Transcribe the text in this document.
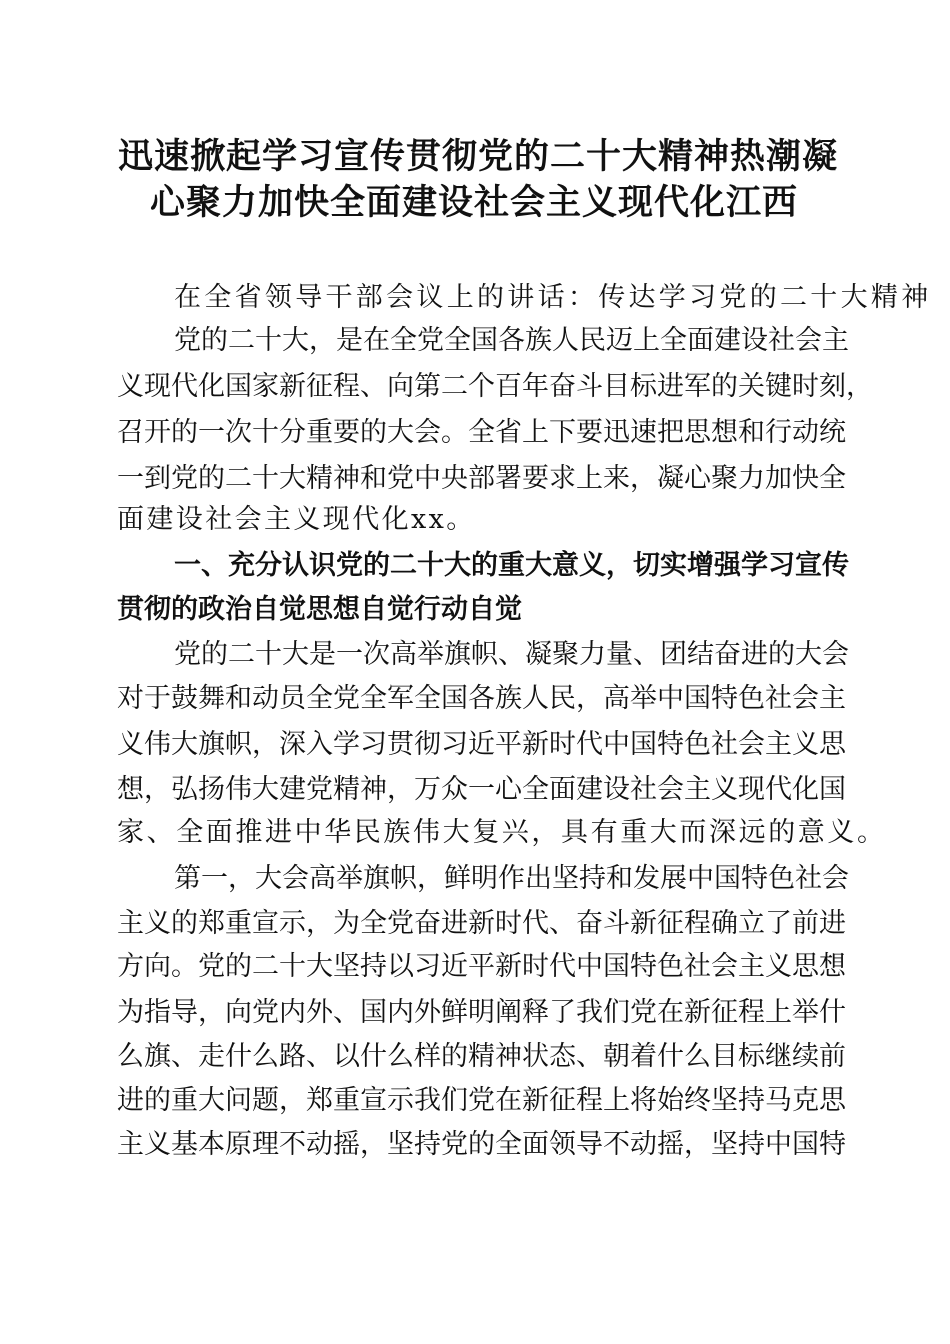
迅速掀起学习宣传贯彻党的二十大精神热潮凝
心聚力加快全面建设社会主义现代化江西
在全省领导干部会议上的讲话：传达学习党的二十大精神
党的二十大，是在全党全国各族人民迈上全面建设社会主
义现代化国家新征程、向第二个百年奋斗目标进军的关键时刻，
召开的一次十分重要的大会。全省上下要迅速把思想和行动统
一到党的二十大精神和党中央部署要求上来，凝心聚力加快全
面建设社会主义现代化xx。
一、充分认识党的二十大的重大意义，切实增强学习宣传
贯彻的政治自觉思想自觉行动自觉
党的二十大是一次高举旗帜、凝聚力量、团结奋进的大会
对于鼓舞和动员全党全军全国各族人民，高举中国特色社会主
义伟大旗帜，深入学习贯彻习近平新时代中国特色社会主义思
想，弘扬伟大建党精神，万众一心全面建设社会主义现代化国
家、全面推进中华民族伟大复兴，具有重大而深远的意义。
第一，大会高举旗帜，鲜明作出坚持和发展中国特色社会
主义的郑重宣示，为全党奋进新时代、奋斗新征程确立了前进
方向。党的二十大坚持以习近平新时代中国特色社会主义思想
为指导，向党内外、国内外鲜明阐释了我们党在新征程上举什
么旗、走什么路、以什么样的精神状态、朝着什么目标继续前
进的重大问题，郑重宣示我们党在新征程上将始终坚持马克思
主义基本原理不动摇，坚持党的全面领导不动摇，坚持中国特
